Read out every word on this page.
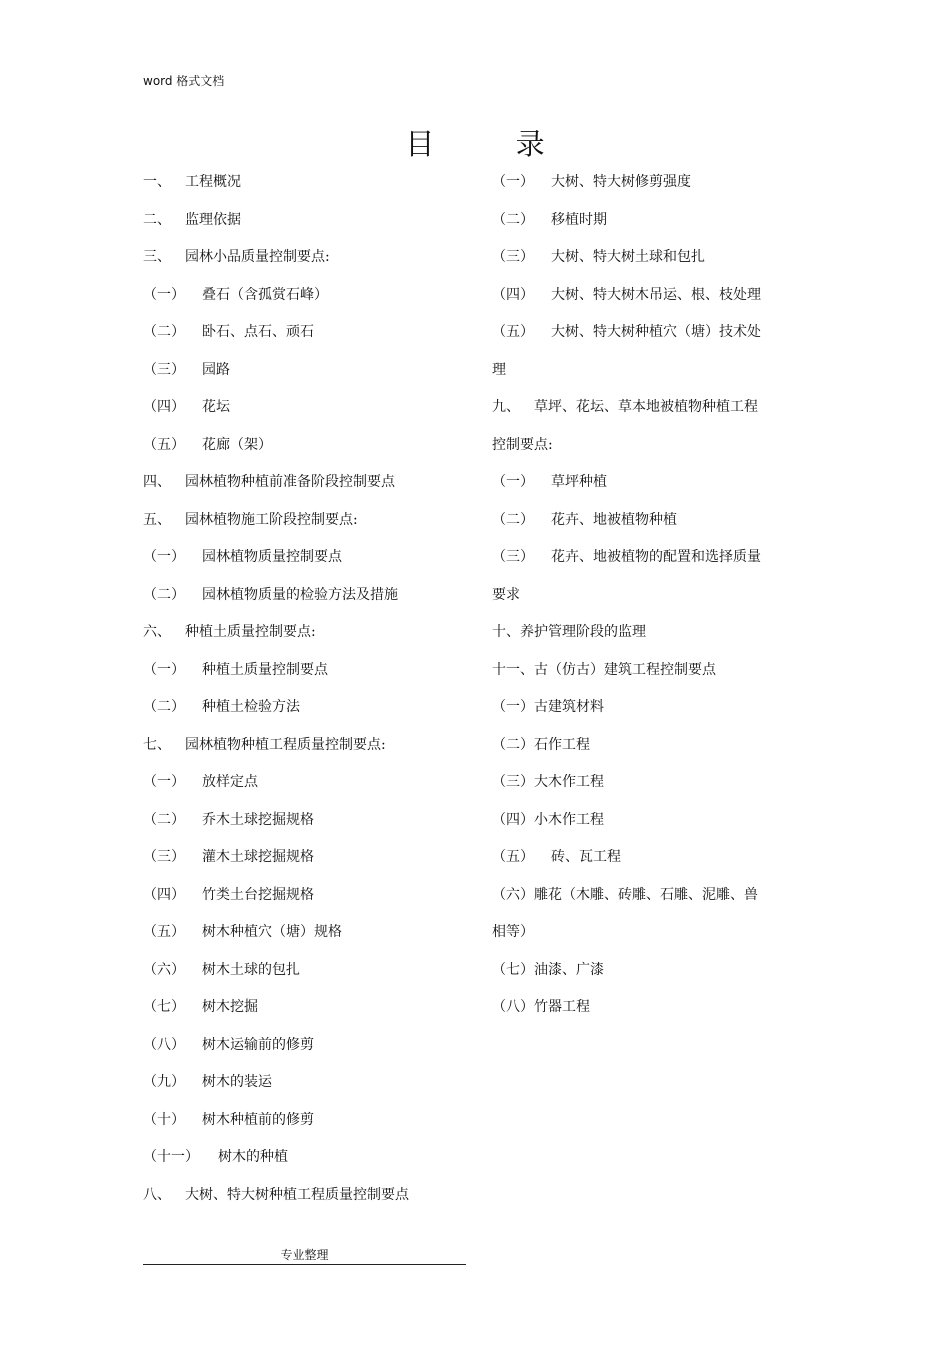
word 格式文档
目 录
一、 工程概况
二、 监理依据
三、 园林小品质量控制要点:
（一） 叠石（含孤赏石峰）
（二） 卧石、点石、顽石
（三） 园路
（四） 花坛
（五） 花廊（架）
四、 园林植物种植前准备阶段控制要点
五、 园林植物施工阶段控制要点:
（一） 园林植物质量控制要点
（二） 园林植物质量的检验方法及措施
六、 种植土质量控制要点:
（一） 种植土质量控制要点
（二） 种植土检验方法
七、 园林植物种植工程质量控制要点:
（一） 放样定点
（二） 乔木土球挖掘规格
（三） 灌木土球挖掘规格
（四） 竹类土台挖掘规格
（五） 树木种植穴（塘）规格
（六） 树木土球的包扎
（七） 树木挖掘
（八） 树木运输前的修剪
（九） 树木的装运
（十） 树木种植前的修剪
（十一） 树木的种植
八、 大树、特大树种植工程质量控制要点
（一） 大树、特大树修剪强度
（二） 移植时期
（三） 大树、特大树土球和包扎
（四） 大树、特大树木吊运、根、枝处理
（五） 大树、特大树种植穴（塘）技术处
理
九、 草坪、花坛、草本地被植物种植工程
控制要点:
（一） 草坪种植
（二） 花卉、地被植物种植
（三） 花卉、地被植物的配置和选择质量
要求
十、养护管理阶段的监理
十一、古（仿古）建筑工程控制要点
（一）古建筑材料
（二）石作工程
（三）大木作工程
（四）小木作工程
（五） 砖、瓦工程
（六）雕花（木雕、砖雕、石雕、泥雕、兽
相等）
（七）油漆、广漆
（八）竹器工程
专业整理
